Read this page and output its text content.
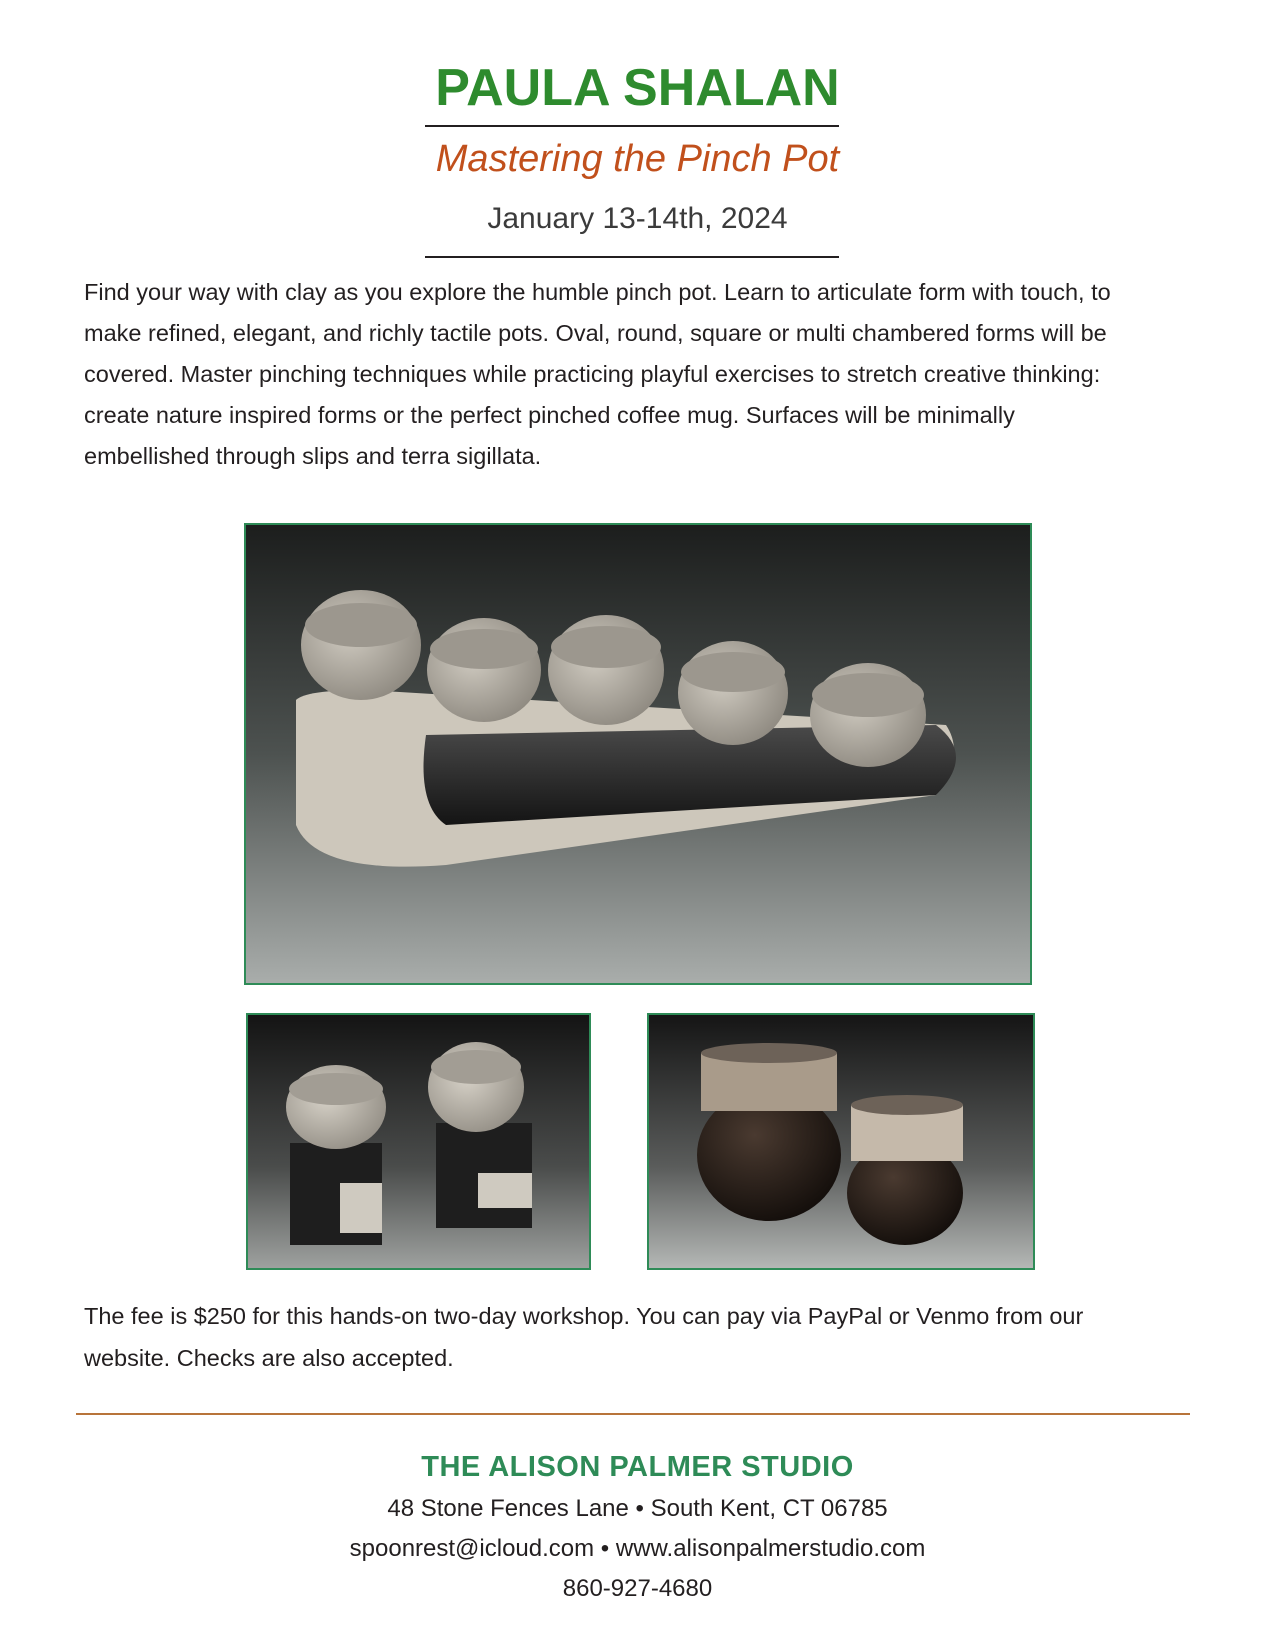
PAULA SHALAN
Mastering the Pinch Pot
January 13-14th, 2024
Find your way with clay as you explore the humble pinch pot. Learn to articulate form with touch, to
make refined, elegant, and richly tactile pots. Oval, round, square or multi chambered forms will be
covered. Master pinching techniques while practicing playful exercises to stretch creative thinking:
create nature inspired forms or the perfect pinched coffee mug. Surfaces will be minimally
embellished through slips and terra sigillata.
The fee is $250 for this hands-on two-day workshop. You can pay via PayPal or Venmo from our
website. Checks are also accepted.

THE ALISON PALMER STUDIO

48 Stone Fences Lane • South Kent, CT 06785

spoonrest@icloud.com • www.alisonpalmerstudio.com

860-927-4680
